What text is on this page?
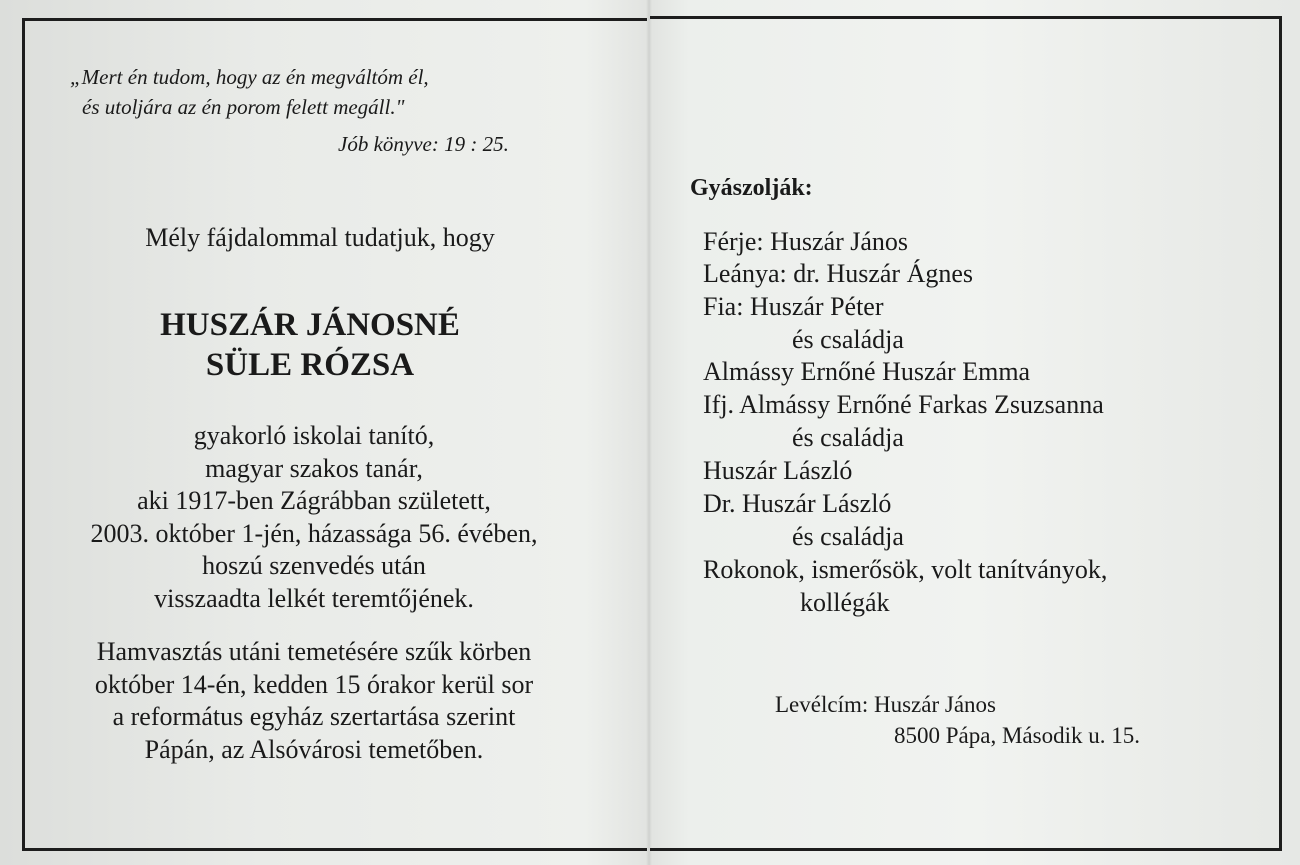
„Mert én tudom, hogy az én megváltóm él,
és utoljára az én porom felett megáll."
Jób könyve: 19 : 25.
Mély fájdalommal tudatjuk, hogy
HUSZÁR JÁNOSNÉ
SÜLE RÓZSA
gyakorló iskolai tanító,
magyar szakos tanár,
aki 1917-ben Zágrábban született,
2003. október 1-jén, házassága 56. évében,
hoszú szenvedés után
visszaadta lelkét teremtőjének.
Hamvasztás utáni temetésére szűk körben
október 14-én, kedden 15 órakor kerül sor
a református egyház szertartása szerint
Pápán, az Alsóvárosi temetőben.
Gyászolják:
Férje: Huszár János
Leánya: dr. Huszár Ágnes
Fia: Huszár Péter
és családja
Almássy Ernőné Huszár Emma
Ifj. Almássy Ernőné Farkas Zsuzsanna
és családja
Huszár László
Dr. Huszár László
és családja
Rokonok, ismerősök, volt tanítványok,
kollégák
Levélcím: Huszár János
8500 Pápa, Második u. 15.
